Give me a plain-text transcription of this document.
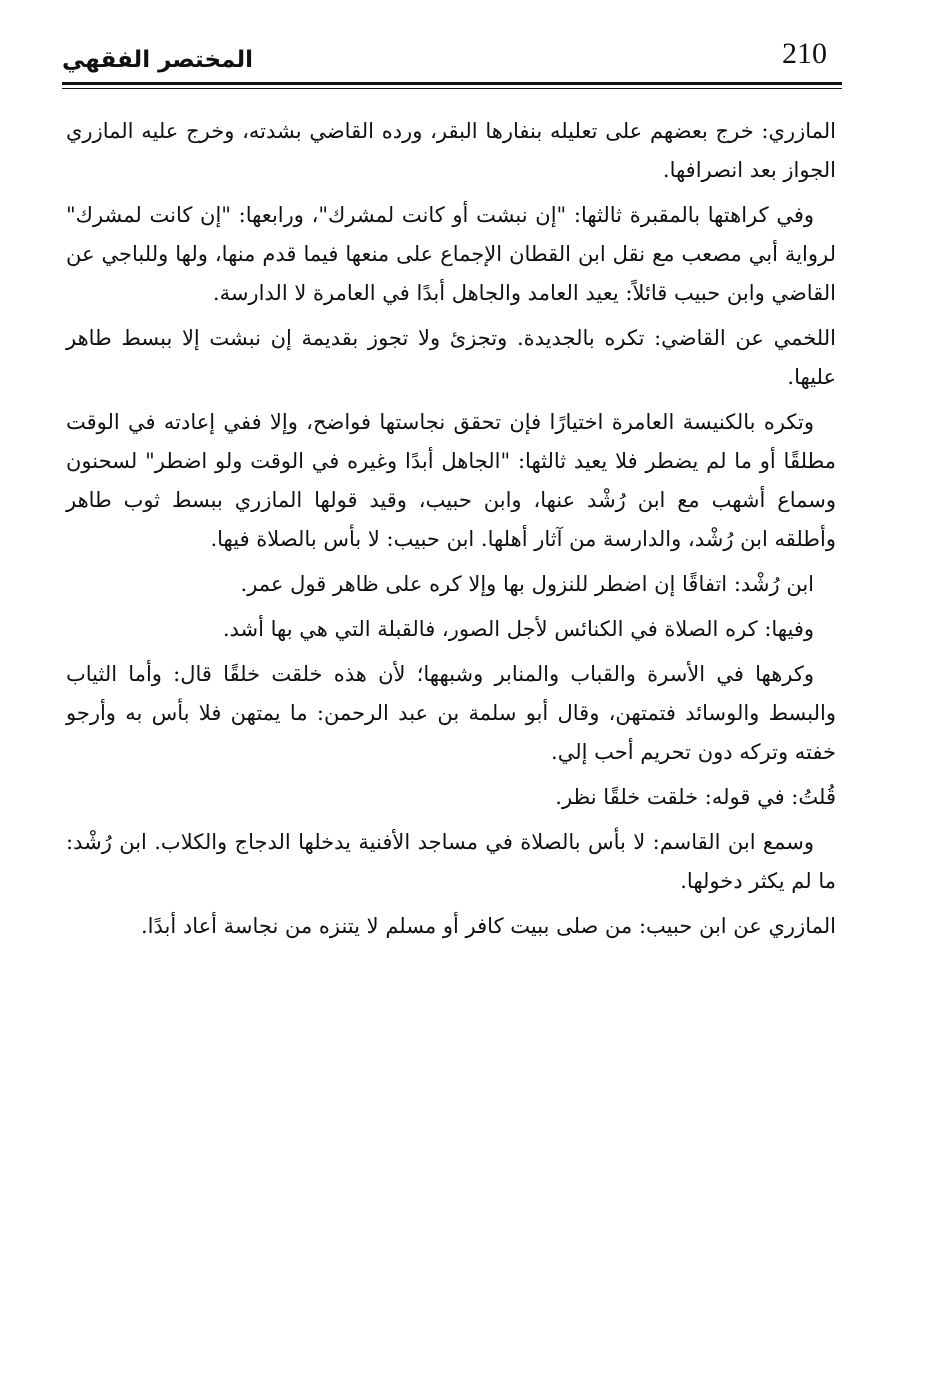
210
المختصر الفقهي

المازري: خرج بعضهم على تعليله بنفارها البقر، ورده القاضي بشدته، وخرج عليه المازري الجواز بعد انصرافها.

وفي كراهتها بالمقبرة ثالثها: "إن نبشت أو كانت لمشرك"، ورابعها: "إن كانت لمشرك" لرواية أبي مصعب مع نقل ابن القطان الإجماع على منعها فيما قدم منها، ولها وللباجي عن القاضي وابن حبيب قائلاً: يعيد العامد والجاهل أبدًا في العامرة لا الدارسة.

اللخمي عن القاضي: تكره بالجديدة. وتجزئ ولا تجوز بقديمة إن نبشت إلا ببسط طاهر عليها.

وتكره بالكنيسة العامرة اختيارًا فإن تحقق نجاستها فواضح، وإلا ففي إعادته في الوقت مطلقًا أو ما لم يضطر فلا يعيد ثالثها: "الجاهل أبدًا وغيره في الوقت ولو اضطر" لسحنون وسماع أشهب مع ابن رُشْد عنها، وابن حبيب، وقيد قولها المازري ببسط ثوب طاهر وأطلقه ابن رُشْد، والدارسة من آثار أهلها. ابن حبيب: لا بأس بالصلاة فيها.

ابن رُشْد: اتفاقًا إن اضطر للنزول بها وإلا كره على ظاهر قول عمر.

وفيها: كره الصلاة في الكنائس لأجل الصور، فالقبلة التي هي بها أشد.

وكرهها في الأسرة والقباب والمنابر وشبهها؛ لأن هذه خلقت خلقًا قال: وأما الثياب والبسط والوسائد فتمتهن، وقال أبو سلمة بن عبد الرحمن: ما يمتهن فلا بأس به وأرجو خفته وتركه دون تحريم أحب إلي.

قُلتُ: في قوله: خلقت خلقًا نظر.

وسمع ابن القاسم: لا بأس بالصلاة في مساجد الأفنية يدخلها الدجاج والكلاب. ابن رُشْد: ما لم يكثر دخولها.

المازري عن ابن حبيب: من صلى ببيت كافر أو مسلم لا يتنزه من نجاسة أعاد أبدًا.
